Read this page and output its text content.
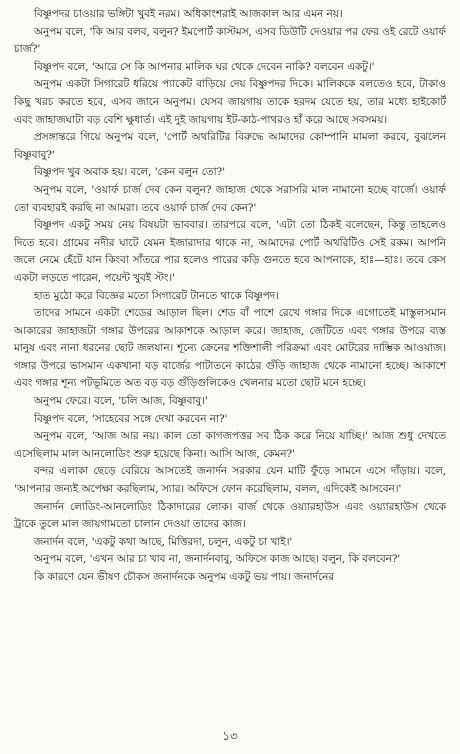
বিষ্ণুপদর চাওয়ার ভঙ্গিটা খুবই নরম। অধিকাংশরাই আজকাল আর এমন নয়।

অনুপম বলে, 'কি আর বলব, বলুন? ইমপোর্ট কাস্টমস, এসব ডিউটি দেওয়ার পর ফের ওই রেটে ওয়ার্ফ চার্জ?'

বিষ্ণুপদ বলে, 'আরে সে কি আপনার মালিক ঘর থেকে দেবেন নাকি? বলবেন একটু।'

অনুপম একটা সিগারেট ধরিয়ে প্যাকেট বাড়িয়ে দেয় বিষ্ণুপদর দিকে। মালিককে বলতেও হবে, টাকাও কিছু খরচ করতে হবে, এসব জানে অনুপম। যেসব জায়গায় তাকে হরদম যেতে হয়, তার মধ্যে হাইকোর্ট এবং জাহাজঘাটা বড় বেশি ক্ষুধার্ত। এই দুই জায়গায় ইট-কাঠ-পাথরও হাঁ করে আছে সবসময়।

প্রসঙ্গান্তরে গিয়ে অনুপম বলে, 'পোর্ট অথরিটির বিরুদ্ধে আমাদের কোম্পানি মামলা করবে, বুঝলেন বিষ্ণুবাবু?'

বিষ্ণুপদ খুব অবাক হয়। বলে, 'কেন বলুন তো?'

অনুপম বলে, 'ওয়ার্ফ চার্জ দেব কেন বলুন? জাহাজ থেকে সরাসরি মাল নামানো হচ্ছে বার্জে। ওয়ার্ফ তো ব্যবহারই করছি না আমরা। তবে ওয়ার্ফ চার্জ দেব কেন?'

বিষ্ণুপদ একটু সময় নেয় বিষয়টা ভাববার। তারপরে বলে, 'এটা তো ঠিকই বলেছেন, কিন্তু তাহলেও দিতে হবে। গ্রামের নদীর ঘাটে যেমন ইজারাদার থাকে না, আমাদের পোর্ট অথরিটিও সেই রকম। আপনি জলে নেমে হেঁটে যান কিংবা সাঁতরে পার হলেও পারের কড়ি গুনতে হবে আপনাকে, হাঃ—হাঃ। তবে কেস একটা লড়তে পারেন, পয়েন্ট খুবই স্টং।'

হাত মুঠো করে বিজ্ঞের মতো সিগারেট টানতে থাকে বিষ্ণুপদ।

তাদের সামনে একটা শেডের আড়াল ছিল। শেড বাঁ পাশে রেখে গঙ্গার দিকে এগোতেই মাস্তুলসমান আকারের জাহাজটা গঙ্গার উপরের আকাশকে আড়াল করে। জাহাজ, জেটিতে এবং গঙ্গার উপরে ব্যস্ত মানুষ এবং নানা ধরনের ছোট জলযান। শূন্যে ক্রেনের শক্তিশালী পরিক্রমা এবং মোটরের দাম্ভিক আওয়াজ। গঙ্গার উপরে ভাসমান একখানা বড় বার্জের পাটাতনে কাঠের গুঁড়ি জাহাজ থেকে নামানো হচ্ছে। আকাশে এবং গঙ্গার শূন্য পটভূমিতে অত বড় বড় গুঁড়িগুলিকেও খেলনার মতো ছোট মনে হচ্ছে।

অনুপম ফেরে। বলে, 'চলি আজ, বিষ্ণুবাবু।'

বিষ্ণুপদ বলে, 'সাহেবের সঙ্গে দেখা করবেন না?'

অনুপম বলে, 'আজ আর নয়। কাল তো কাগজপত্তর সব ঠিক করে নিয়ে যাচ্ছি।' আজ শুধু দেখতে এসেছিলাম মাল আনলোডিং শুরু হয়েছে কিনা। আসি আজ, কেমন?'

বন্দর এলাকা ছেড়ে বেরিয়ে আসতেই জনার্দন সরকার যেন মাটি ফুঁড়ে সামনে এসে দাঁড়ায়। বলে, 'আপনার জন্যই অপেক্ষা করছিলাম, স্যার। অফিসে ফোন করেছিলাম, বলল, এদিকেই আসবেন।'

জনার্দন লোডিং-আনলোডিং ঠিকাদারের লোক। বার্জ থেকে ওয়্যারহাউস এবং ওয়্যারহাউস থেকে ট্রাকে তুলে মাল জায়গামতো চালান দেওয়া তাদের কাজ।

জনার্দন বলে, 'একটু কথা আছে, মিত্তিরদা, চলুন, একটু চা খাই।'

অনুপম বলে, 'এখন আর চা খাব না, জনার্দনবাবু, অফিসে কাজ আছে। বলুন, কি বলবেন?'

কি কারণে যেন ভীষণ চৌকস জনার্দনকে অনুপম একটু ভয় পায়। জনার্দনের

১৩
